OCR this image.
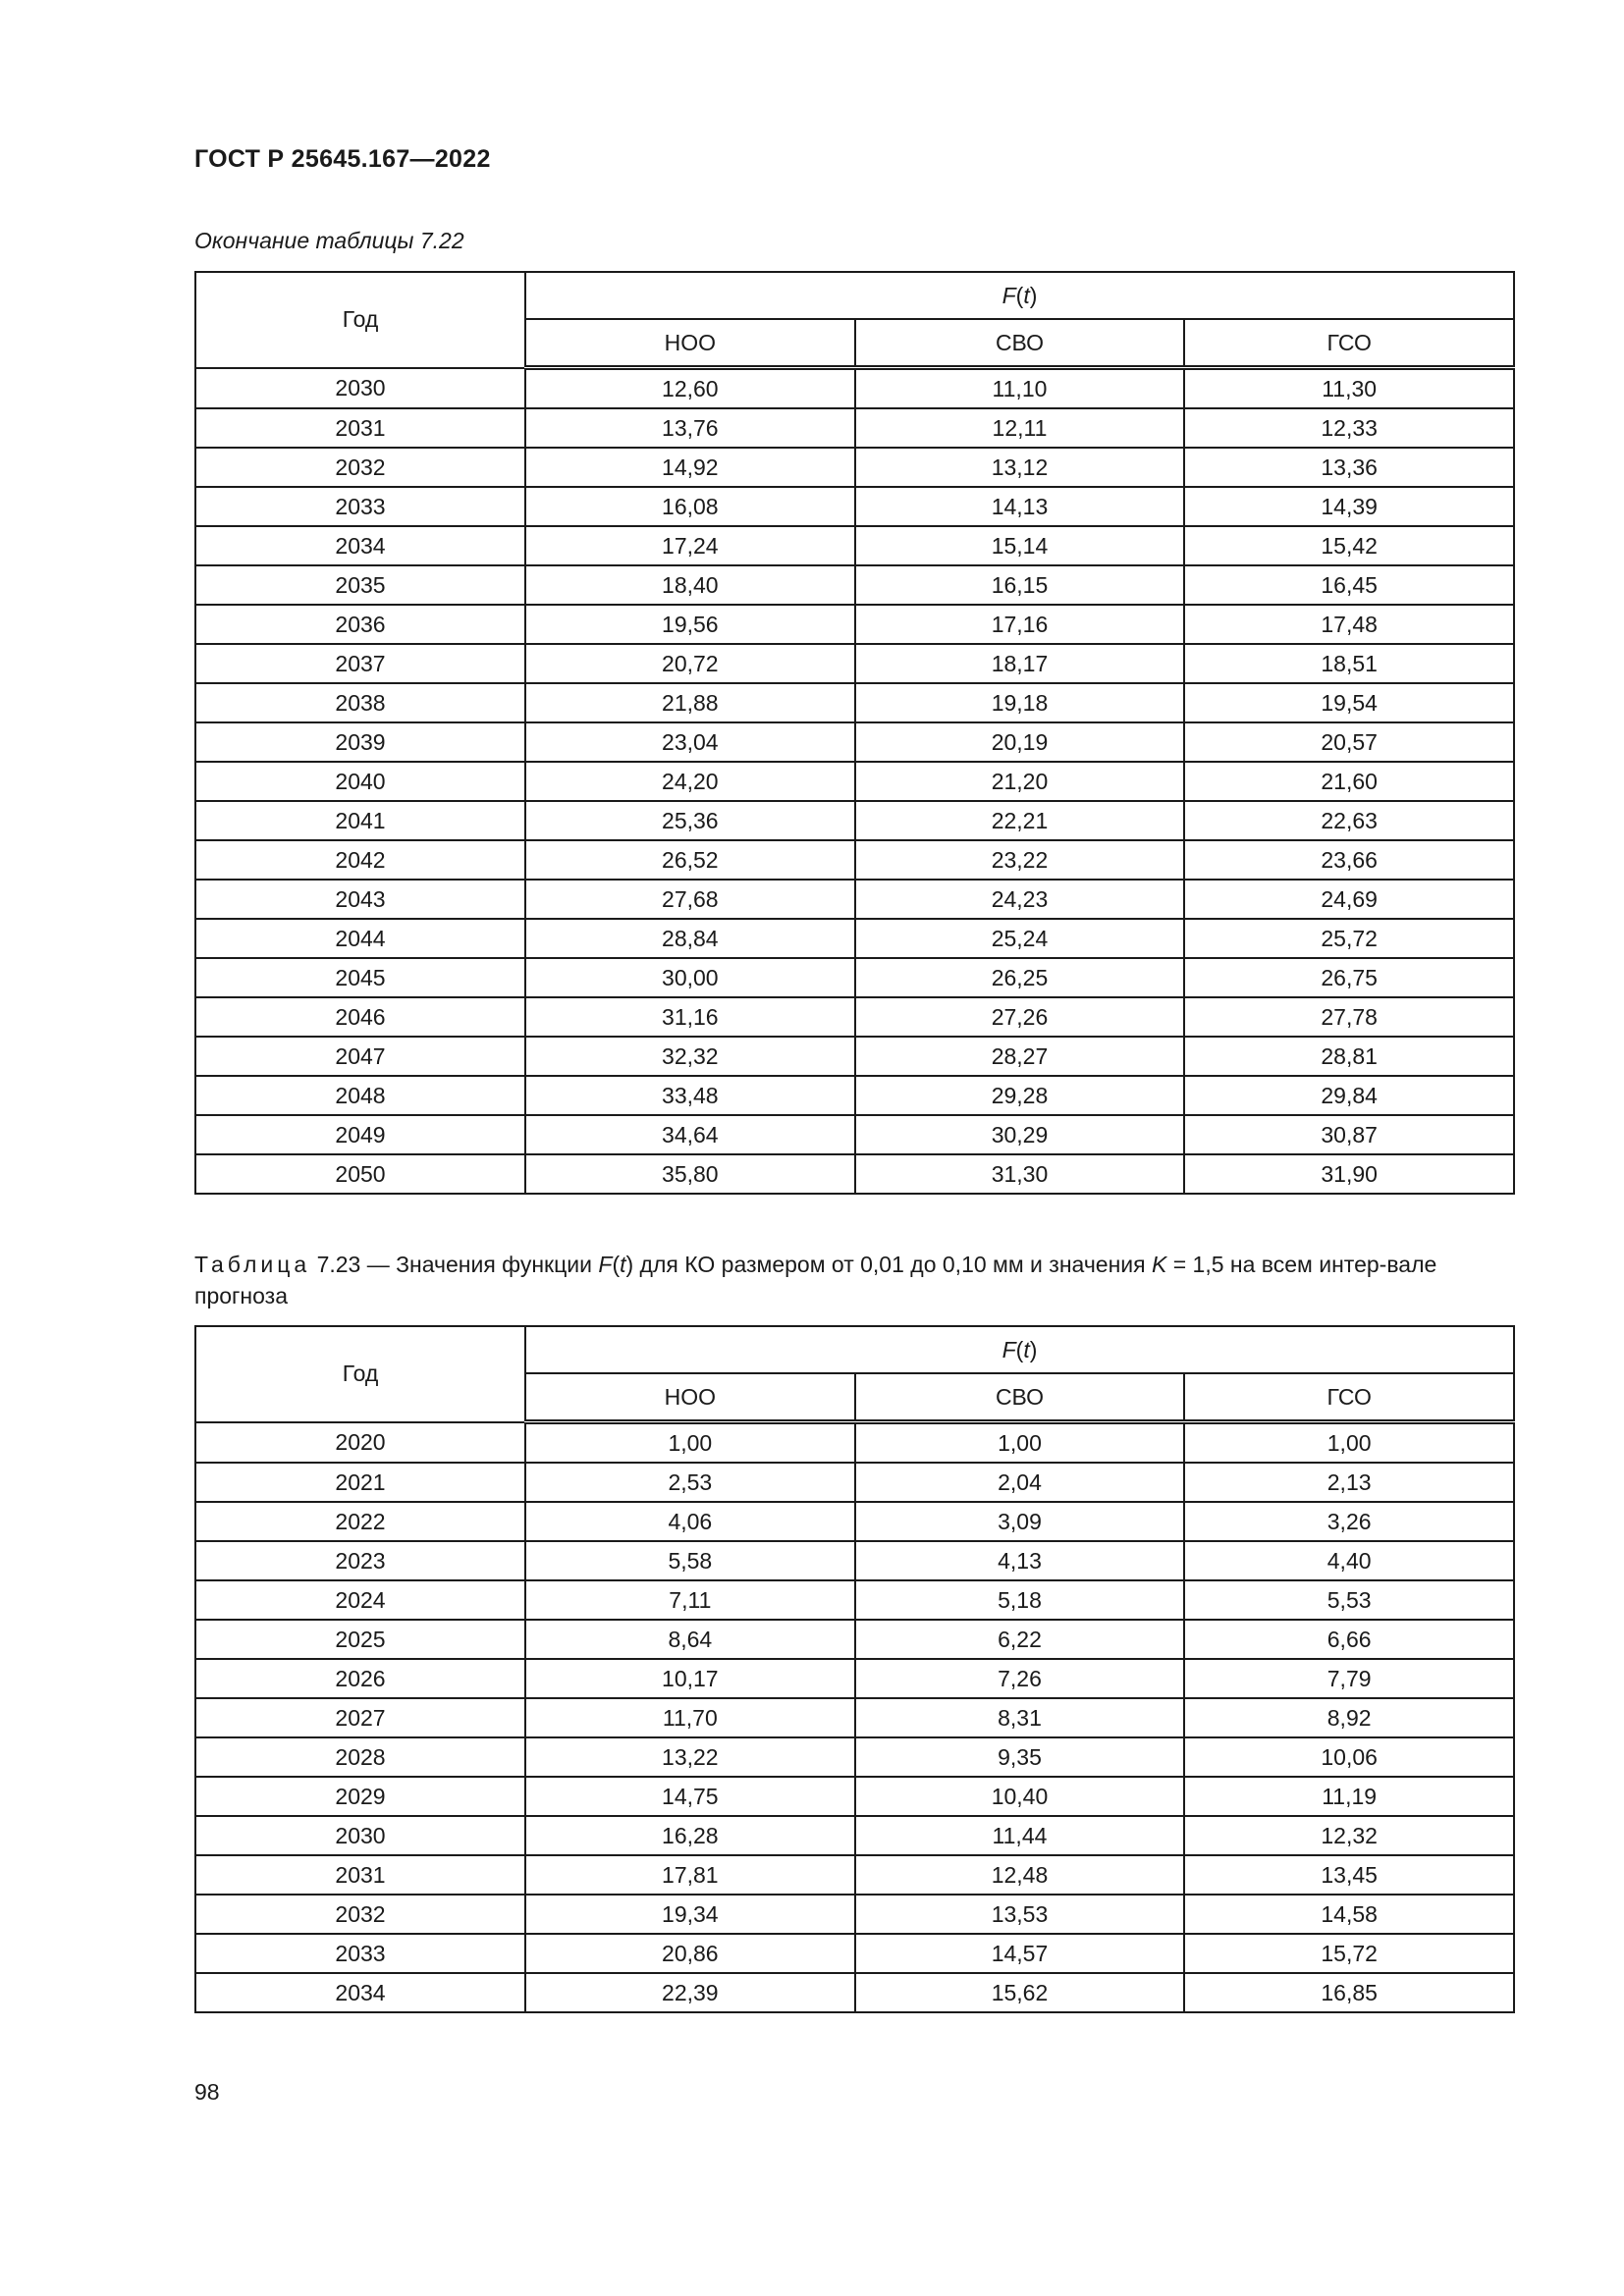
ГОСТ Р 25645.167—2022
Окончание таблицы 7.22
Год	F(t)		
	НОО	СВО	ГСО
2030	12,60	11,10	11,30
2031	13,76	12,11	12,33
2032	14,92	13,12	13,36
2033	16,08	14,13	14,39
2034	17,24	15,14	15,42
2035	18,40	16,15	16,45
2036	19,56	17,16	17,48
2037	20,72	18,17	18,51
2038	21,88	19,18	19,54
2039	23,04	20,19	20,57
2040	24,20	21,20	21,60
2041	25,36	22,21	22,63
2042	26,52	23,22	23,66
2043	27,68	24,23	24,69
2044	28,84	25,24	25,72
2045	30,00	26,25	26,75
2046	31,16	27,26	27,78
2047	32,32	28,27	28,81
2048	33,48	29,28	29,84
2049	34,64	30,29	30,87
2050	35,80	31,30	31,90
Таблица 7.23 — Значения функции F(t) для КО размером от 0,01 до 0,10 мм и значения K = 1,5 на всем интер-вале прогноза
Год	F(t)		
	НОО	СВО	ГСО
2020	1,00	1,00	1,00
2021	2,53	2,04	2,13
2022	4,06	3,09	3,26
2023	5,58	4,13	4,40
2024	7,11	5,18	5,53
2025	8,64	6,22	6,66
2026	10,17	7,26	7,79
2027	11,70	8,31	8,92
2028	13,22	9,35	10,06
2029	14,75	10,40	11,19
2030	16,28	11,44	12,32
2031	17,81	12,48	13,45
2032	19,34	13,53	14,58
2033	20,86	14,57	15,72
2034	22,39	15,62	16,85
98
